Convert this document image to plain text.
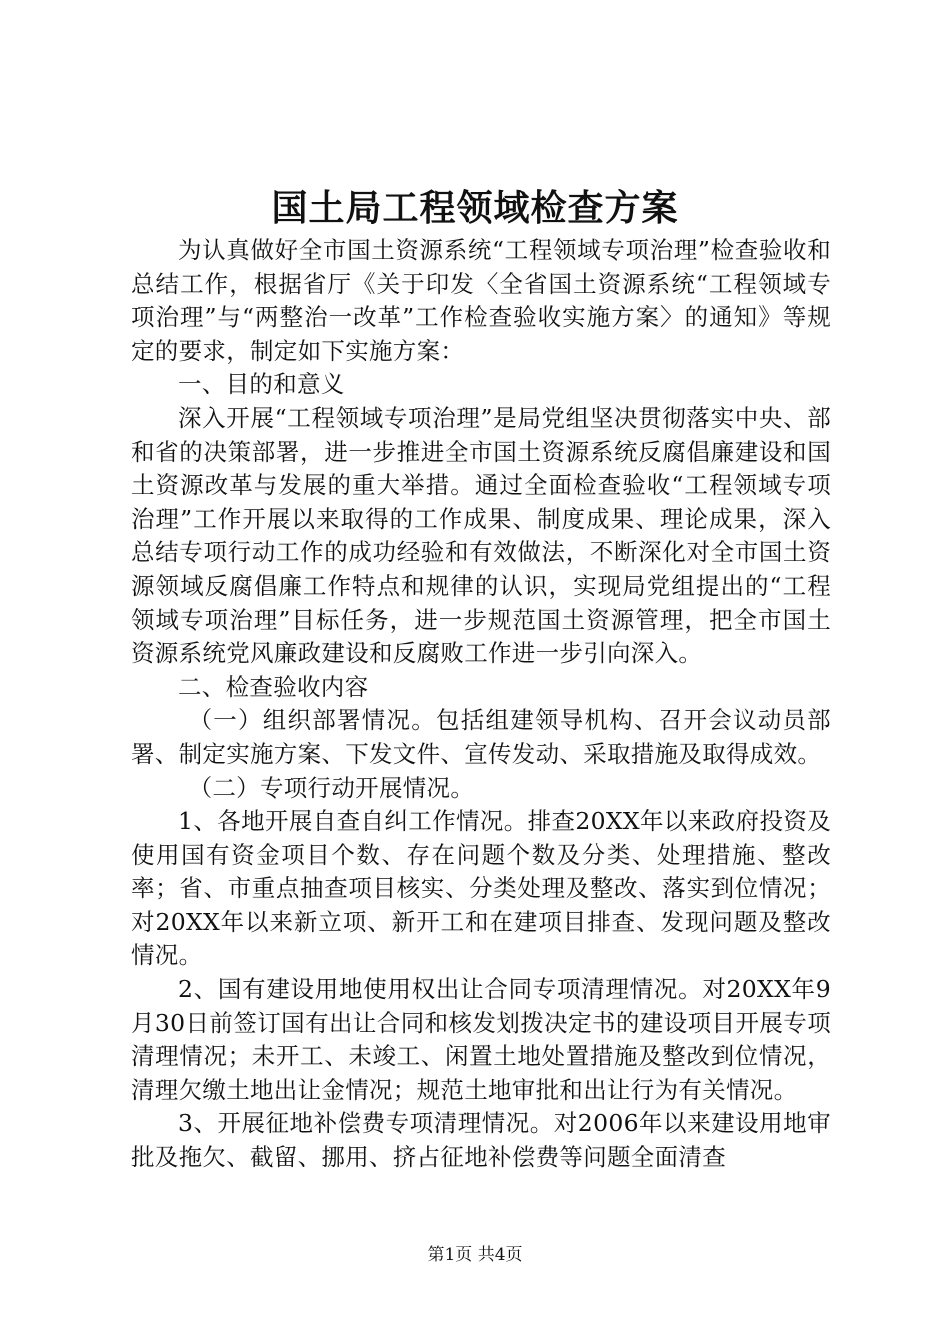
国土局工程领域检查方案

为认真做好全市国土资源系统“工程领域专项治理”检查验收和总结工作，根据省厅《关于印发〈全省国土资源系统“工程领域专项治理”与“两整治一改革”工作检查验收实施方案〉的通知》等规定的要求，制定如下实施方案：

一、目的和意义

深入开展“工程领域专项治理”是局党组坚决贯彻落实中央、部和省的决策部署，进一步推进全市国土资源系统反腐倡廉建设和国土资源改革与发展的重大举措。通过全面检查验收“工程领域专项治理”工作开展以来取得的工作成果、制度成果、理论成果，深入总结专项行动工作的成功经验和有效做法，不断深化对全市国土资源领域反腐倡廉工作特点和规律的认识，实现局党组提出的“工程领域专项治理”目标任务，进一步规范国土资源管理，把全市国土资源系统党风廉政建设和反腐败工作进一步引向深入。

二、检查验收内容

（一）组织部署情况。包括组建领导机构、召开会议动员部署、制定实施方案、下发文件、宣传发动、采取措施及取得成效。

（二）专项行动开展情况。

1、各地开展自查自纠工作情况。排查20XX年以来政府投资及使用国有资金项目个数、存在问题个数及分类、处理措施、整改率；省、市重点抽查项目核实、分类处理及整改、落实到位情况；对20XX年以来新立项、新开工和在建项目排查、发现问题及整改情况。

2、国有建设用地使用权出让合同专项清理情况。对20XX年9月30日前签订国有出让合同和核发划拨决定书的建设项目开展专项清理情况；未开工、未竣工、闲置土地处置措施及整改到位情况，清理欠缴土地出让金情况；规范土地审批和出让行为有关情况。

3、开展征地补偿费专项清理情况。对2006年以来建设用地审批及拖欠、截留、挪用、挤占征地补偿费等问题全面清查

第1页 共4页
